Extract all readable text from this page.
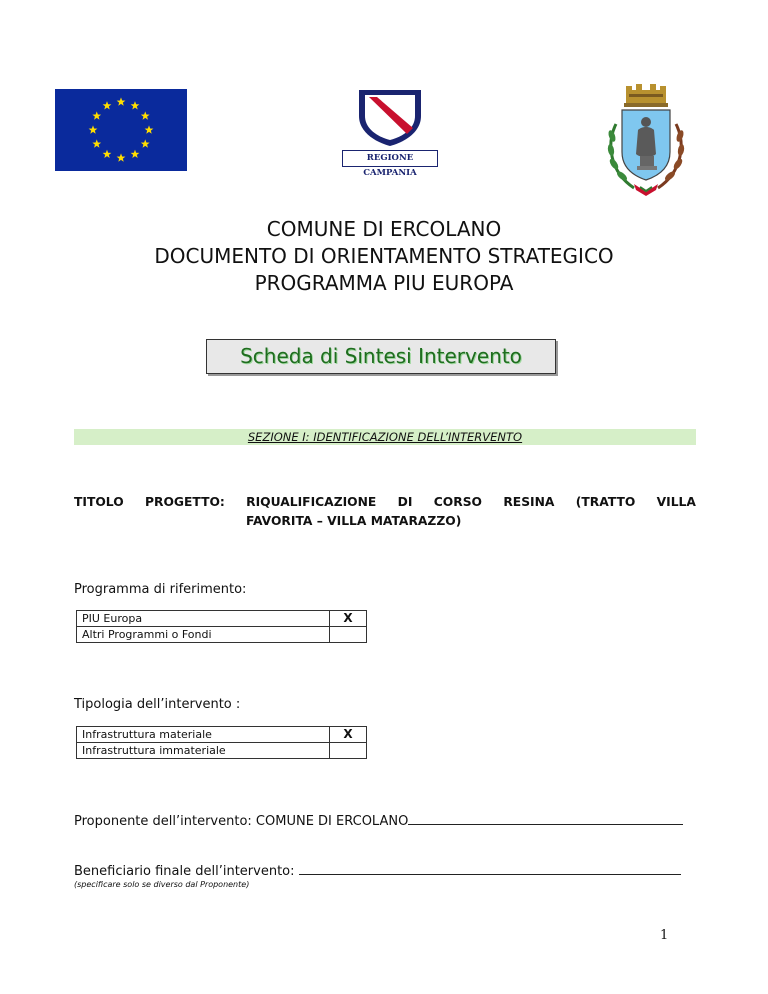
REGIONE CAMPANIA
COMUNE DI ERCOLANO
DOCUMENTO DI ORIENTAMENTO STRATEGICO
PROGRAMMA PIU EUROPA
Scheda di Sintesi Intervento
SEZIONE I: IDENTIFICAZIONE DELL’INTERVENTO
TITOLO PROGETTO: RIQUALIFICAZIONE DI CORSO RESINA (TRATTO VILLA
FAVORITA – VILLA MATARAZZO)
Programma di riferimento:
PIU Europa	X
Altri Programmi o Fondi	
Tipologia dell’intervento :
Infrastruttura materiale	X
Infrastruttura immateriale	
Proponente dell’intervento: COMUNE DI ERCOLANO
Beneficiario finale dell’intervento:
(specificare solo se diverso dal Proponente)
1
